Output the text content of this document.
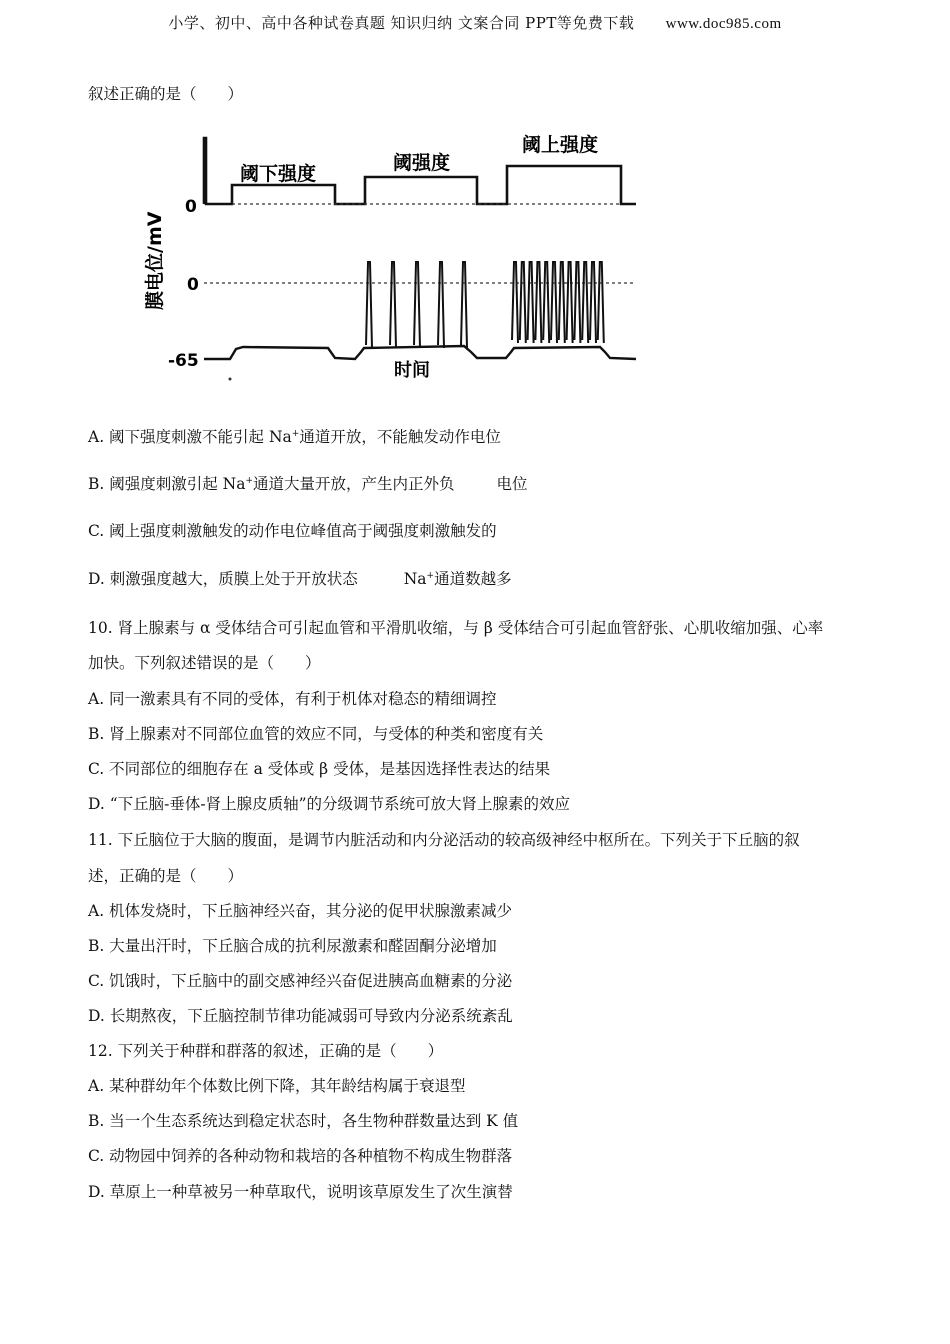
小学、初中、高中各种试卷真题 知识归纳 文案合同 PPT等免费下载 www.doc985.com
叙述正确的是（　　）
阈下强度	阈强度
阈上强度
0
0
-65	时间
膜电位/mV
A. 阈下强度刺激不能引起 Na+通道开放，不能触发动作电位
B. 阈强度刺激引起 Na+通道大量开放，产生内正外负	电位
C. 阈上强度刺激触发的动作电位峰值高于阈强度刺激触发的
D. 刺激强度越大，质膜上处于开放状态	Na+通道数越多
10. 肾上腺素与 α 受体结合可引起血管和平滑肌收缩，与 β 受体结合可引起血管舒张、心肌收缩加强、心率
加快。下列叙述错误的是（　　）
A. 同一激素具有不同的受体，有利于机体对稳态的精细调控
B. 肾上腺素对不同部位血管的效应不同，与受体的种类和密度有关
C. 不同部位的细胞存在 a 受体或 β 受体，是基因选择性表达的结果
D. “下丘脑-垂体-肾上腺皮质轴”的分级调节系统可放大肾上腺素的效应
11. 下丘脑位于大脑的腹面，是调节内脏活动和内分泌活动的较高级神经中枢所在。下列关于下丘脑的叙
述，正确的是（　　）
A. 机体发烧时，下丘脑神经兴奋，其分泌的促甲状腺激素减少
B. 大量出汗时，下丘脑合成的抗利尿激素和醛固酮分泌增加
C. 饥饿时，下丘脑中的副交感神经兴奋促进胰高血糖素的分泌
D. 长期熬夜，下丘脑控制节律功能减弱可导致内分泌系统紊乱
12. 下列关于种群和群落的叙述，正确的是（　　）
A. 某种群幼年个体数比例下降，其年龄结构属于衰退型
B. 当一个生态系统达到稳定状态时，各生物种群数量达到 K 值
C. 动物园中饲养的各种动物和栽培的各种植物不构成生物群落
D. 草原上一种草被另一种草取代，说明该草原发生了次生演替
